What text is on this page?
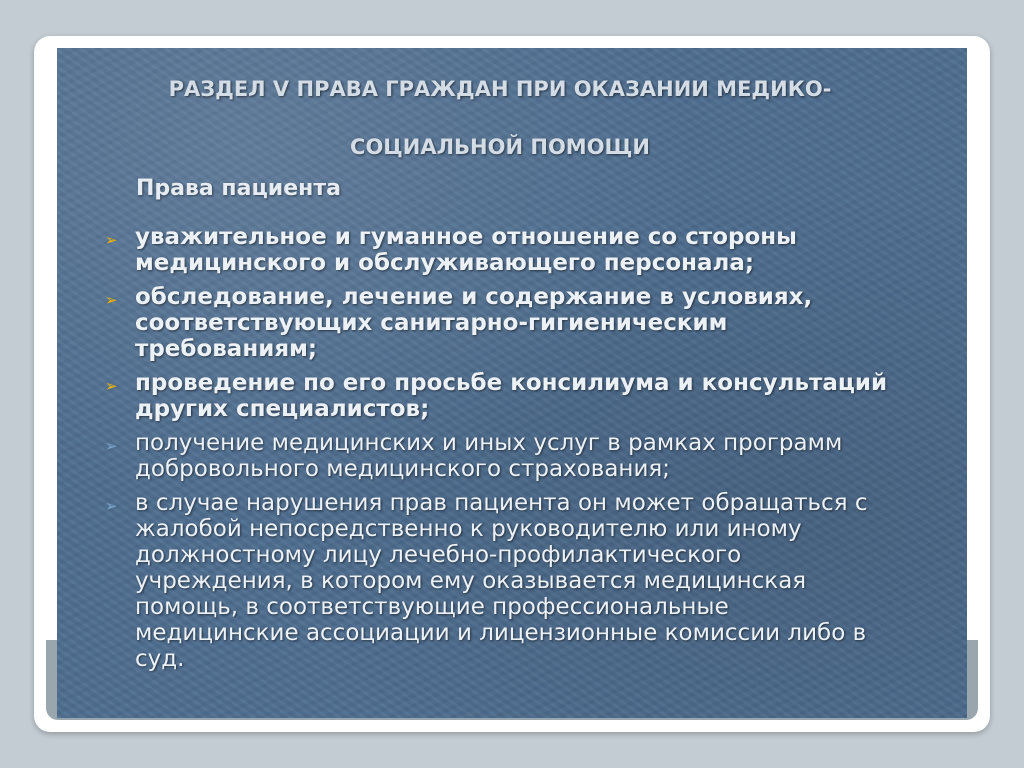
РАЗДЕЛ V ПРАВА ГРАЖДАН ПРИ ОКАЗАНИИ МЕДИКО-
СОЦИАЛЬНОЙ ПОМОЩИ
Права пациента
➢ уважительное и гуманное отношение со стороны медицинского и обслуживающего персонала;
➢ обследование, лечение и содержание в условиях, соответствующих санитарно-гигиеническим требованиям;
➢ проведение по его просьбе консилиума и консультаций других специалистов;
➢ получение медицинских и иных услуг в рамках программ добровольного медицинского страхования;
➢ в случае нарушения прав пациента он может обращаться с жалобой непосредственно к руководителю или иному должностному лицу лечебно-профилактического учреждения, в котором ему оказывается медицинская помощь, в соответствующие профессиональные медицинские ассоциации и лицензионные комиссии либо в суд.
